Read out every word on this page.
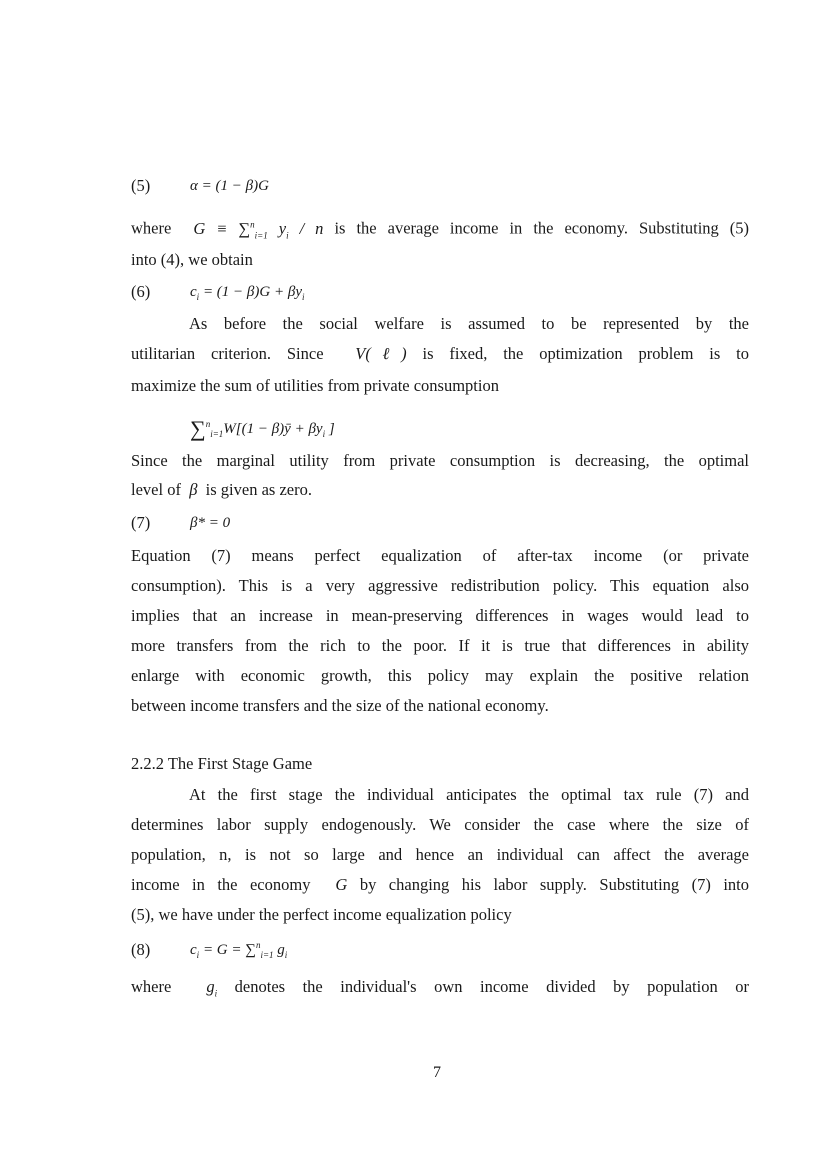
(5)	α = (1 − β)G
where G ≡ ∑$^n_{i=1}$ $y_i$ / n is the average income in the economy. Substituting (5)
into (4), we obtain
(6)	$c_i = (1 - \beta)G + \beta y_i$
As before the social welfare is assumed to be represented by the
utilitarian criterion. Since V(ℓ) is fixed, the optimization problem is to
maximize the sum of utilities from private consumption
∑$^n_{i=1}$W[(1 − β)ȳ + $\beta y_i$ ]
Since the marginal utility from private consumption is decreasing, the optimal
level of β is given as zero.
(7)	β* = 0
Equation (7) means perfect equalization of after-tax income (or private
consumption). This is a very aggressive redistribution policy. This equation also
implies that an increase in mean-preserving differences in wages would lead to
more transfers from the rich to the poor. If it is true that differences in ability
enlarge with economic growth, this policy may explain the positive relation
between income transfers and the size of the national economy.
2.2.2 The First Stage Game
At the first stage the individual anticipates the optimal tax rule (7) and
determines labor supply endogenously. We consider the case where the size of
population, n, is not so large and hence an individual can affect the average
income in the economy G by changing his labor supply. Substituting (7) into
(5), we have under the perfect income equalization policy
(8)	$c_i = G = \sum^n_{i=1}$ $g_i$
where $g_i$ denotes the individual's own income divided by population or
7
